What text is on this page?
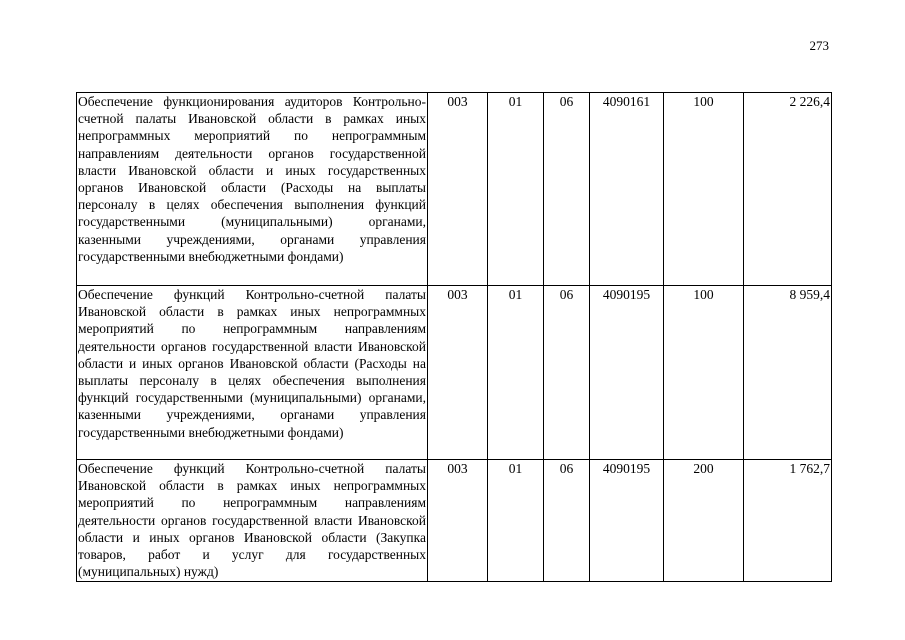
273
Обеспечение функционирования аудиторов Контрольно-счетной палаты Ивановской области в рамках иных непрограммных мероприятий по непрограммным направлениям деятельности органов государственной власти Ивановской области и иных государственных органов Ивановской области (Расходы на выплаты персоналу в целях обеспечения выполнения функций государственными (муниципальными) органами, казенными учреждениями, органами управления государственными внебюджетными фондами)	003	01	06	4090161	100	2 226,4
Обеспечение функций Контрольно-счетной палаты Ивановской области в рамках иных непрограммных мероприятий по непрограммным направлениям деятельности органов государственной власти Ивановской области и иных органов Ивановской области (Расходы на выплаты персоналу в целях обеспечения выполнения функций государственными (муниципальными) органами, казенными учреждениями, органами управления государственными внебюджетными фондами)	003	01	06	4090195	100	8 959,4
Обеспечение функций Контрольно-счетной палаты Ивановской области в рамках иных непрограммных мероприятий по непрограммным направлениям деятельности органов государственной власти Ивановской области и иных органов Ивановской области (Закупка товаров, работ и услуг для государственных (муниципальных) нужд)	003	01	06	4090195	200	1 762,7
